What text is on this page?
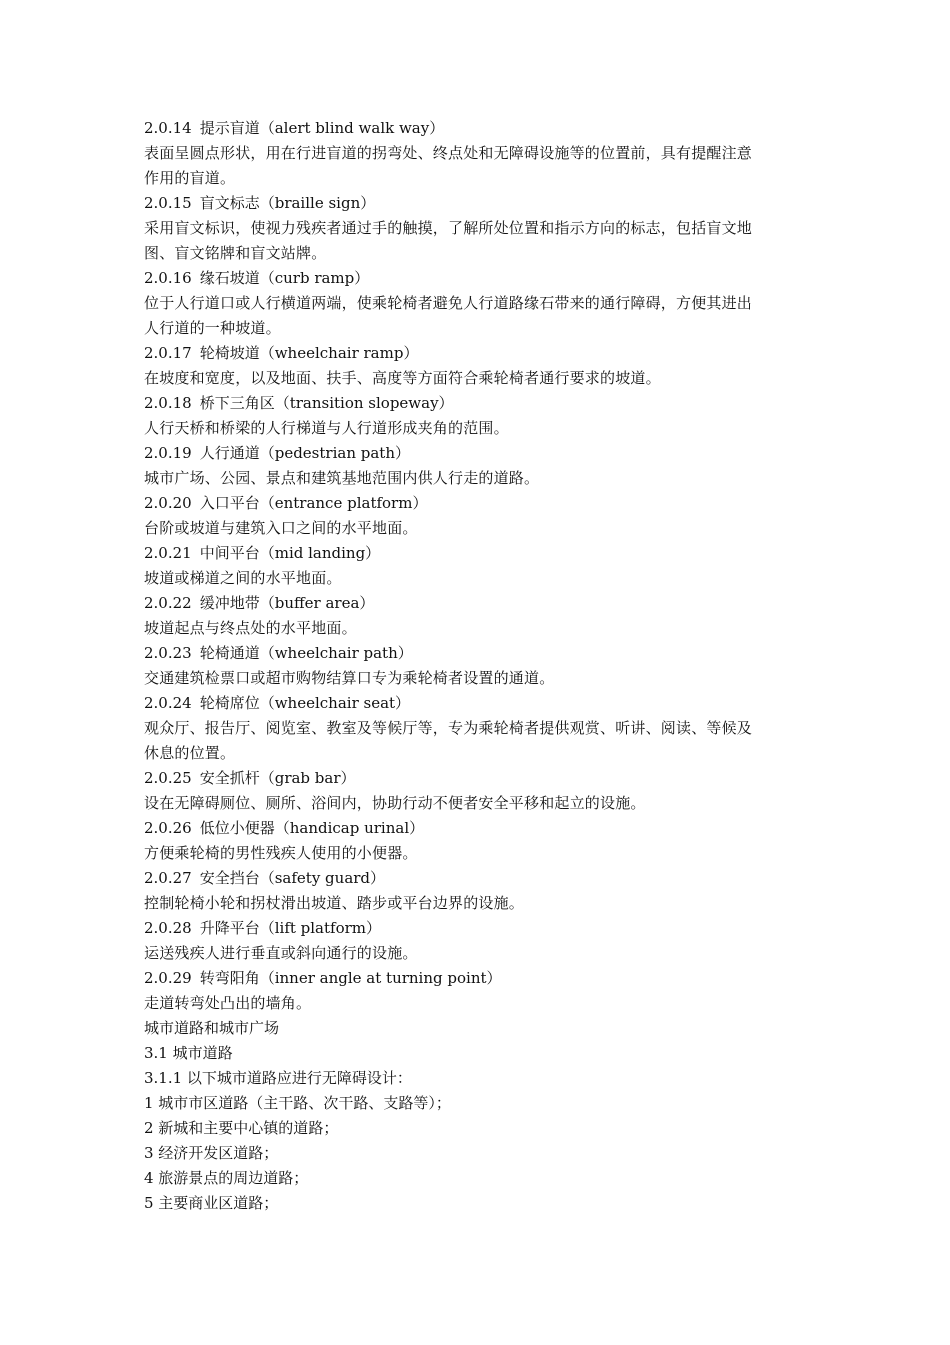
2.0.14 提示盲道（alert blind walk way）
表面呈圆点形状，用在行进盲道的拐弯处、终点处和无障碍设施等的位置前，具有提醒注意
作用的盲道。
2.0.15 盲文标志（braille sign）
采用盲文标识，使视力残疾者通过手的触摸，了解所处位置和指示方向的标志，包括盲文地
图、盲文铭牌和盲文站牌。
2.0.16 缘石坡道（curb ramp）
位于人行道口或人行横道两端，使乘轮椅者避免人行道路缘石带来的通行障碍，方便其进出
人行道的一种坡道。
2.0.17 轮椅坡道（wheelchair ramp）
在坡度和宽度，以及地面、扶手、高度等方面符合乘轮椅者通行要求的坡道。
2.0.18 桥下三角区（transition slopeway）
人行天桥和桥梁的人行梯道与人行道形成夹角的范围。
2.0.19 人行通道（pedestrian path）
城市广场、公园、景点和建筑基地范围内供人行走的道路。
2.0.20 入口平台（entrance platform）
台阶或坡道与建筑入口之间的水平地面。
2.0.21 中间平台（mid landing）
坡道或梯道之间的水平地面。
2.0.22 缓冲地带（buffer area）
坡道起点与终点处的水平地面。
2.0.23 轮椅通道（wheelchair path）
交通建筑检票口或超市购物结算口专为乘轮椅者设置的通道。
2.0.24 轮椅席位（wheelchair seat）
观众厅、报告厅、阅览室、教室及等候厅等，专为乘轮椅者提供观赏、听讲、阅读、等候及
休息的位置。
2.0.25 安全抓杆（grab bar）
设在无障碍厕位、厕所、浴间内，协助行动不便者安全平移和起立的设施。
2.0.26 低位小便器（handicap urinal）
方便乘轮椅的男性残疾人使用的小便器。
2.0.27 安全挡台（safety guard）
控制轮椅小轮和拐杖滑出坡道、踏步或平台边界的设施。
2.0.28 升降平台（lift platform）
运送残疾人进行垂直或斜向通行的设施。
2.0.29 转弯阳角（inner angle at turning point）
走道转弯处凸出的墙角。
城市道路和城市广场
3.1 城市道路
3.1.1 以下城市道路应进行无障碍设计：
1 城市市区道路（主干路、次干路、支路等）；
2 新城和主要中心镇的道路；
3 经济开发区道路；
4 旅游景点的周边道路；
5 主要商业区道路；
